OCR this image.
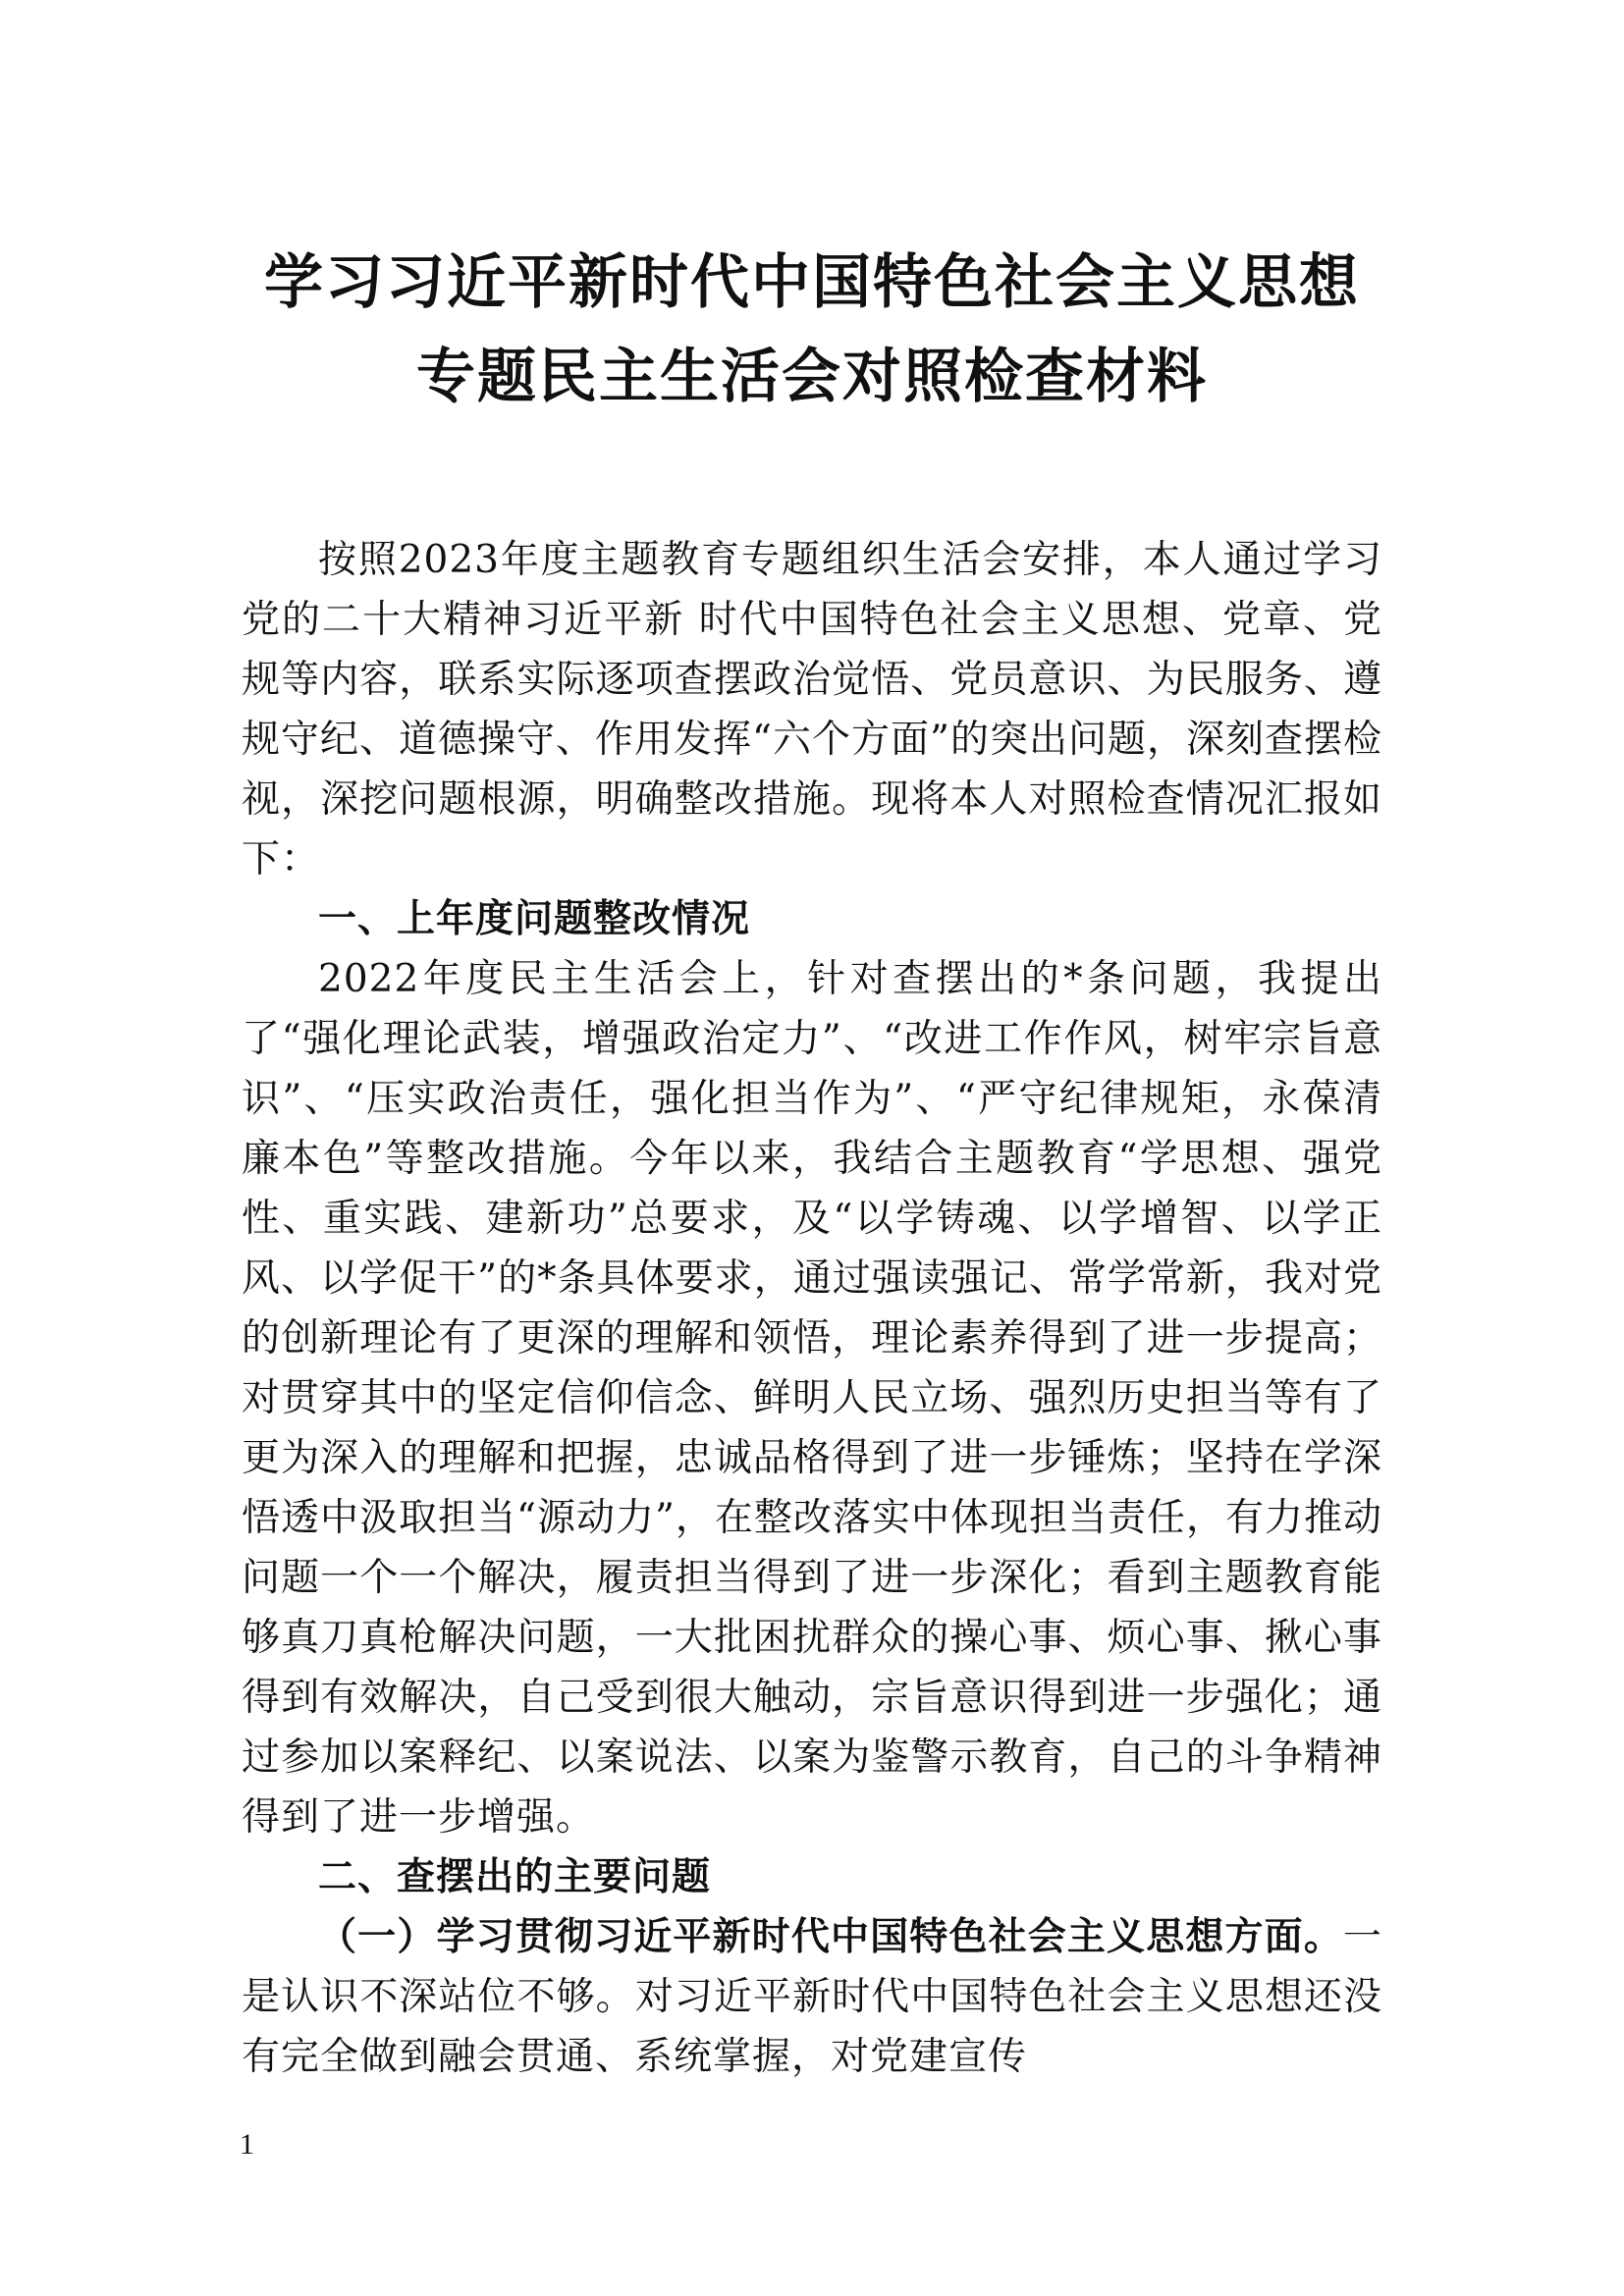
学习习近平新时代中国特色社会主义思想
专题民主生活会对照检查材料

按照2023年度主题教育专题组织生活会安排，本人通过学习党的二十大精神习近平新 时代中国特色社会主义思想、党章、党规等内容，联系实际逐项查摆政治觉悟、党员意识、为民服务、遵规守纪、道德操守、作用发挥“六个方面”的突出问题，深刻查摆检视，深挖问题根源，明确整改措施。现将本人对照检查情况汇报如下：

一、上年度问题整改情况

2022年度民主生活会上，针对查摆出的*条问题，我提出了“强化理论武装，增强政治定力”、“改进工作作风，树牢宗旨意识”、“压实政治责任，强化担当作为”、“严守纪律规矩，永葆清廉本色”等整改措施。今年以来，我结合主题教育“学思想、强党性、重实践、建新功”总要求，及“以学铸魂、以学增智、以学正风、以学促干”的*条具体要求，通过强读强记、常学常新，我对党的创新理论有了更深的理解和领悟，理论素养得到了进一步提高；对贯穿其中的坚定信仰信念、鲜明人民立场、强烈历史担当等有了更为深入的理解和把握，忠诚品格得到了进一步锤炼；坚持在学深悟透中汲取担当“源动力”，在整改落实中体现担当责任，有力推动问题一个一个解决，履责担当得到了进一步深化；看到主题教育能够真刀真枪解决问题，一大批困扰群众的操心事、烦心事、揪心事得到有效解决，自己受到很大触动，宗旨意识得到进一步强化；通过参加以案释纪、以案说法、以案为鉴警示教育，自己的斗争精神得到了进一步增强。

二、查摆出的主要问题

（一）学习贯彻习近平新时代中国特色社会主义思想方面。一是认识不深站位不够。对习近平新时代中国特色社会主义思想还没有完全做到融会贯通、系统掌握，对党建宣传

1
